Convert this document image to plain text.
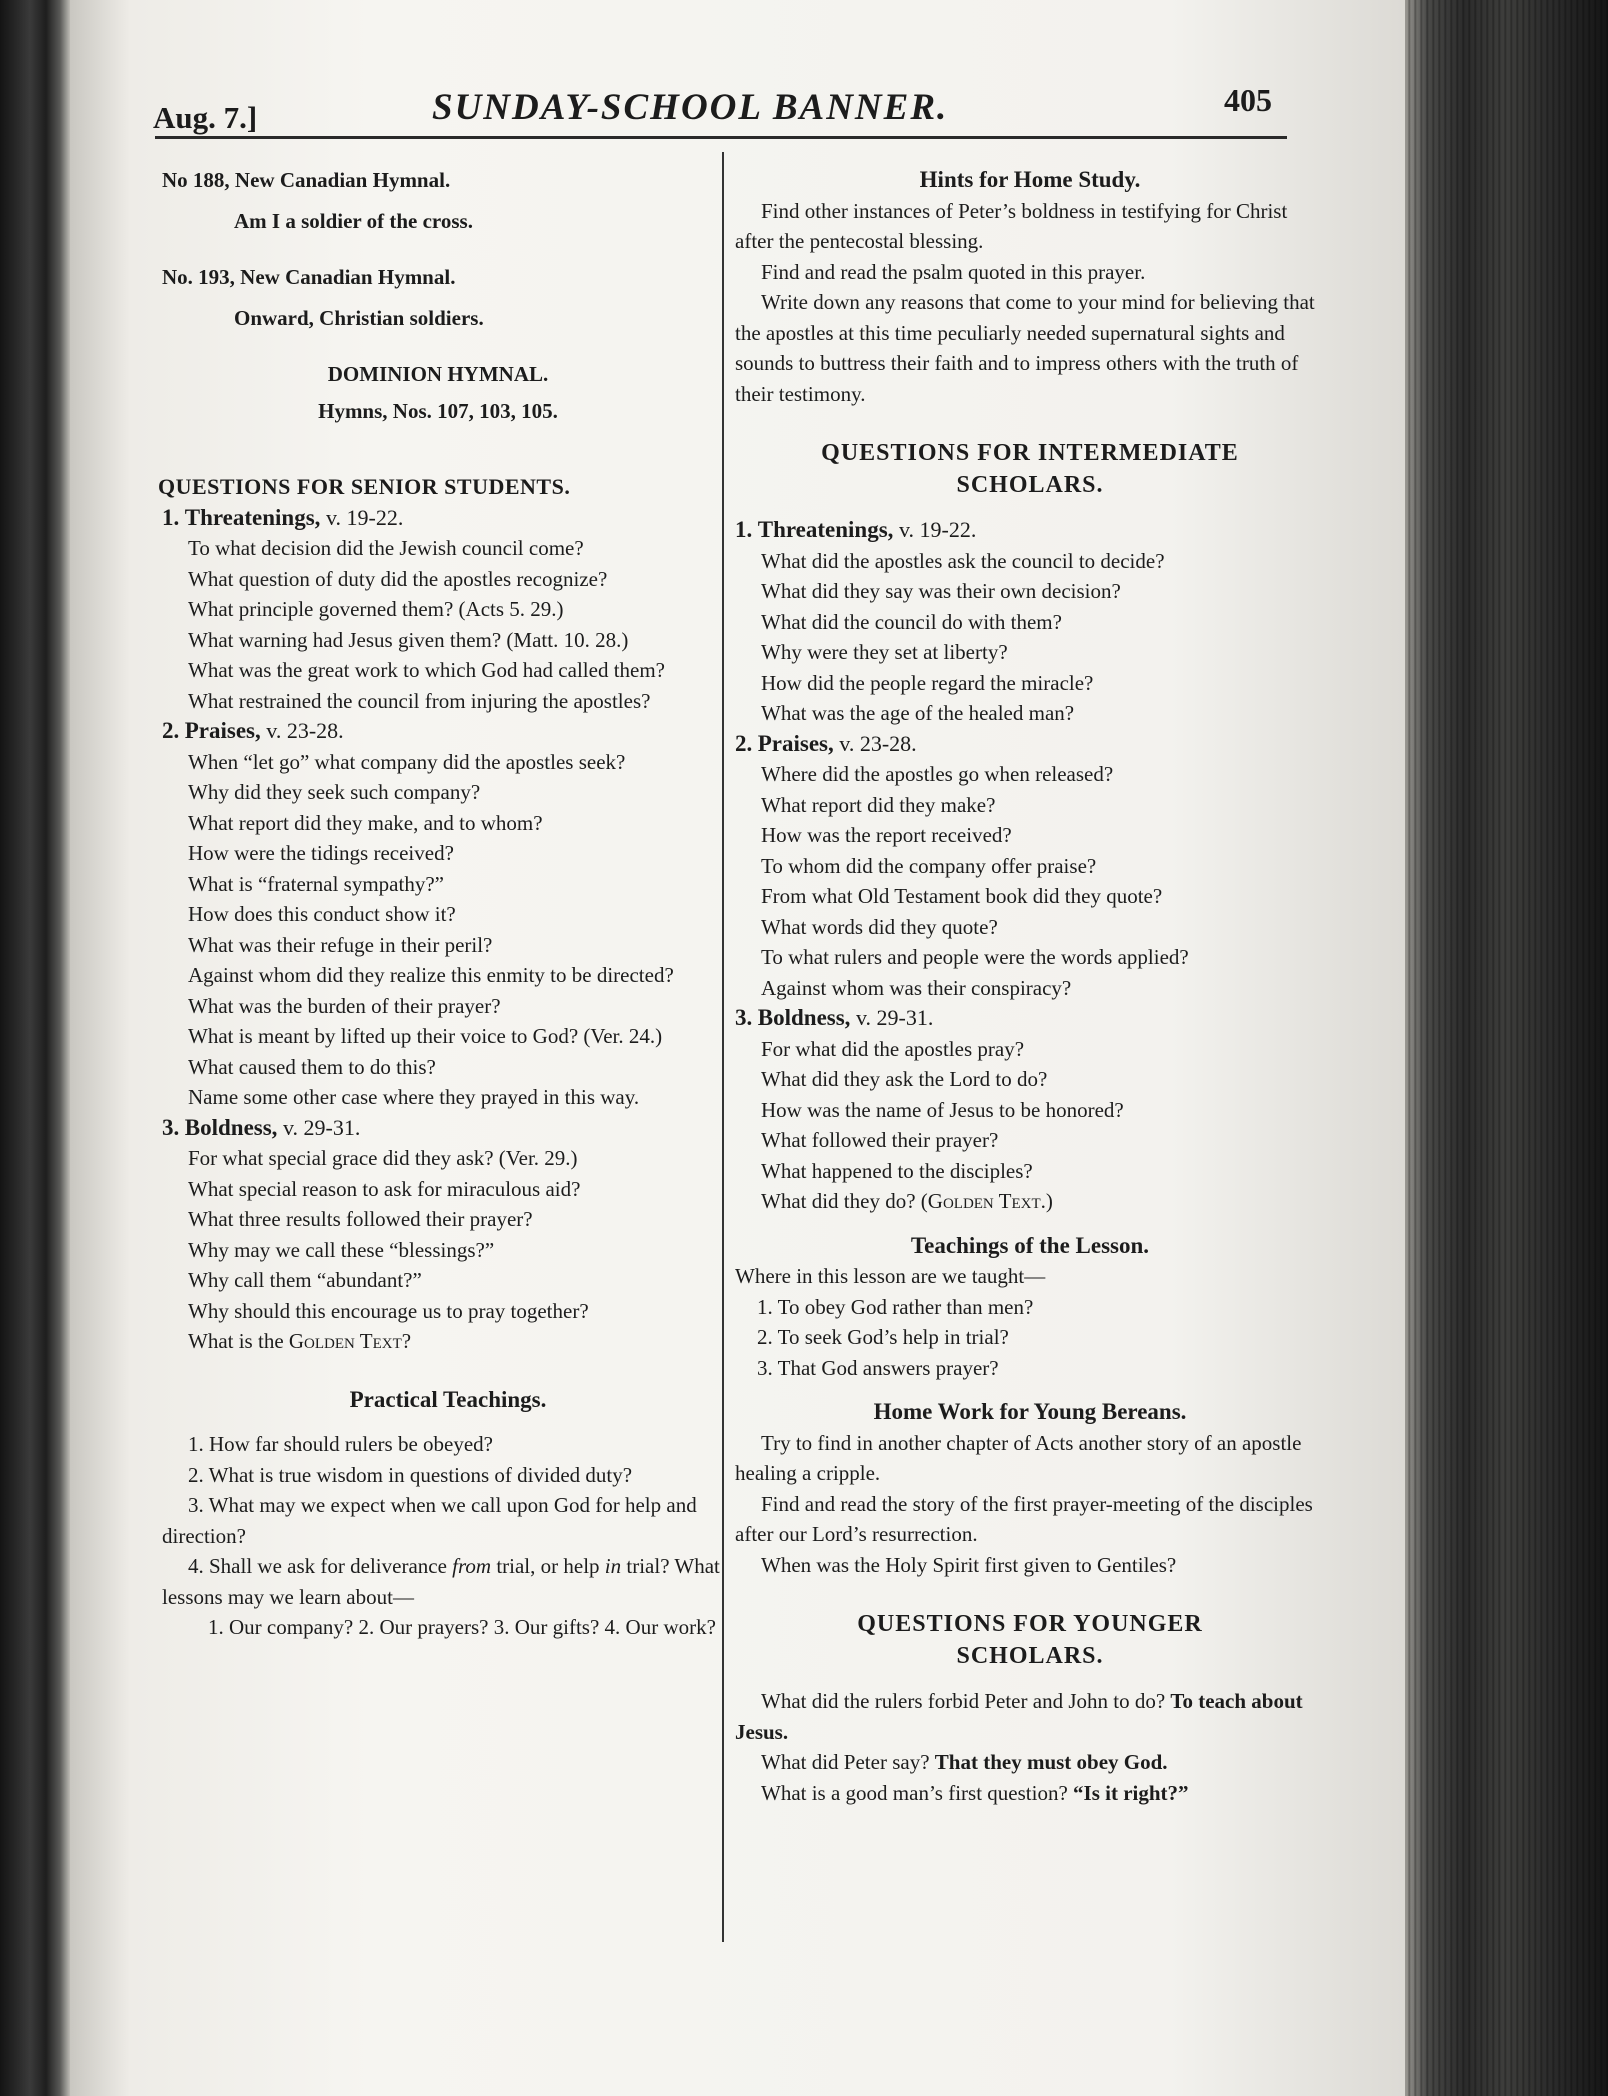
Aug. 7.]	SUNDAY-SCHOOL BANNER.	405

No 188, New Canadian Hymnal.

Am I a soldier of the cross.

No. 193, New Canadian Hymnal.

Onward, Christian soldiers.

DOMINION HYMNAL.

Hymns, Nos. 107, 103, 105.

QUESTIONS FOR SENIOR STUDENTS.

1. Threatenings, v. 19-22.

To what decision did the Jewish council come?

What question of duty did the apostles recognize?

What principle governed them? (Acts 5. 29.)

What warning had Jesus given them? (Matt. 10. 28.)

What was the great work to which God had called them?

What restrained the council from injuring the apostles?

2. Praises, v. 23-28.

When “let go” what company did the apostles seek?

Why did they seek such company?

What report did they make, and to whom?

How were the tidings received?

What is “fraternal sympathy?”

How does this conduct show it?

What was their refuge in their peril?

Against whom did they realize this enmity to be directed?

What was the burden of their prayer?

What is meant by lifted up their voice to God? (Ver. 24.)

What caused them to do this?

Name some other case where they prayed in this way.

3. Boldness, v. 29-31.

For what special grace did they ask? (Ver. 29.)

What special reason to ask for miraculous aid?

What three results followed their prayer?

Why may we call these “blessings?”

Why call them “abundant?”

Why should this encourage us to pray together?

What is the Golden Text?

Practical Teachings.

1. How far should rulers be obeyed?

2. What is true wisdom in questions of divided duty?

3. What may we expect when we call upon God for help and direction?

4. Shall we ask for deliverance from trial, or help in trial? What lessons may we learn about—

1. Our company? 2. Our prayers? 3. Our gifts? 4. Our work?

Hints for Home Study.

Find other instances of Peter’s boldness in testifying for Christ after the pentecostal blessing.

Find and read the psalm quoted in this prayer.

Write down any reasons that come to your mind for believing that the apostles at this time peculiarly needed supernatural sights and sounds to buttress their faith and to impress others with the truth of their testimony.

QUESTIONS FOR INTERMEDIATE SCHOLARS.

1. Threatenings, v. 19-22.

What did the apostles ask the council to decide?

What did they say was their own decision?

What did the council do with them?

Why were they set at liberty?

How did the people regard the miracle?

What was the age of the healed man?

2. Praises, v. 23-28.

Where did the apostles go when released?

What report did they make?

How was the report received?

To whom did the company offer praise?

From what Old Testament book did they quote?

What words did they quote?

To what rulers and people were the words applied?

Against whom was their conspiracy?

3. Boldness, v. 29-31.

For what did the apostles pray?

What did they ask the Lord to do?

How was the name of Jesus to be honored?

What followed their prayer?

What happened to the disciples?

What did they do? (Golden Text.)

Teachings of the Lesson.

Where in this lesson are we taught—

1. To obey God rather than men?

2. To seek God’s help in trial?

3. That God answers prayer?

Home Work for Young Bereans.

Try to find in another chapter of Acts another story of an apostle healing a cripple.

Find and read the story of the first prayer-meeting of the disciples after our Lord’s resurrection.

When was the Holy Spirit first given to Gentiles?

QUESTIONS FOR YOUNGER SCHOLARS.

What did the rulers forbid Peter and John to do? To teach about Jesus.

What did Peter say? That they must obey God.

What is a good man’s first question? “Is it right?”
